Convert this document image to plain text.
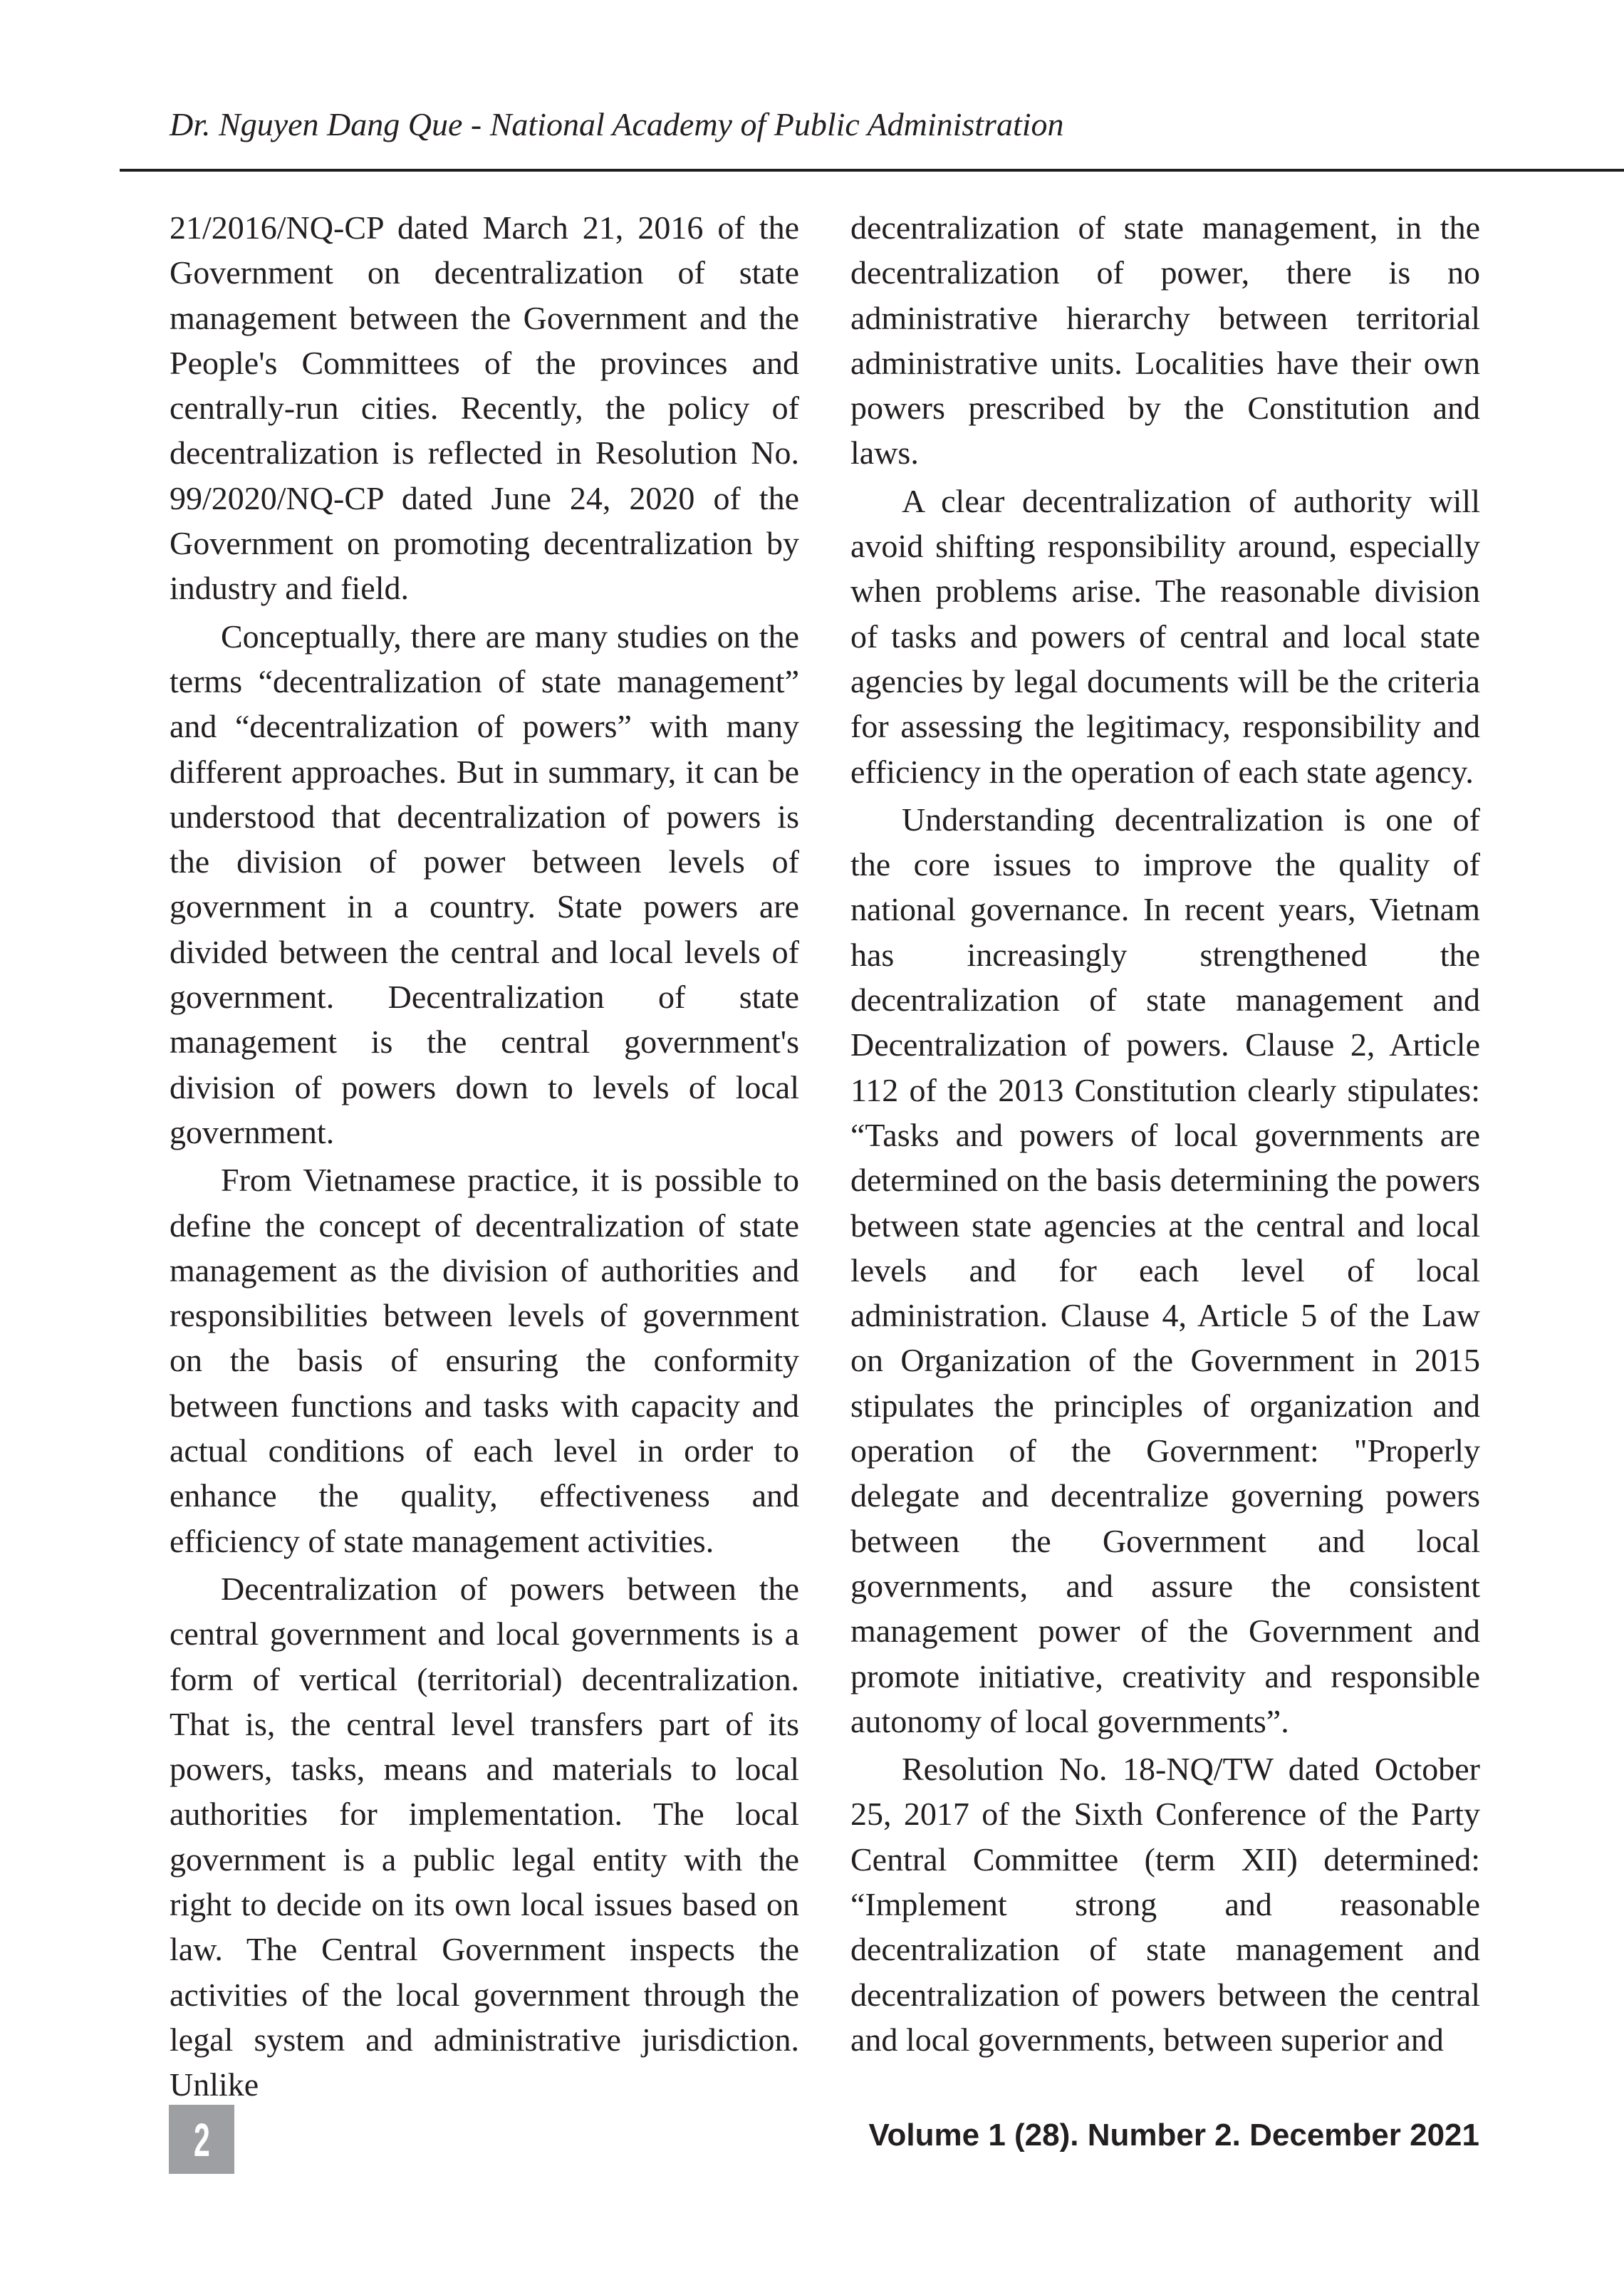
Dr. Nguyen Dang Que - National Academy of Public Administration

21/2016/NQ-CP dated March 21, 2016 of the Government on decentralization of state management between the Government and the People's Committees of the provinces and centrally-run cities. Recently, the policy of decentralization is reflected in Resolution No. 99/2020/NQ-CP dated June 24, 2020 of the Government on promoting decentralization by industry and field.

Conceptually, there are many studies on the terms “decentralization of state management” and “decentralization of powers” with many different approaches. But in summary, it can be understood that decentralization of powers is the division of power between levels of government in a country. State powers are divided between the central and local levels of government. Decentralization of state management is the central government's division of powers down to levels of local government.

From Vietnamese practice, it is possible to define the concept of decentralization of state management as the division of authorities and responsibilities between levels of government on the basis of ensuring the conformity between functions and tasks with capacity and actual conditions of each level in order to enhance the quality, effectiveness and efficiency of state management activities.

Decentralization of powers between the central government and local governments is a form of vertical (territorial) decentralization. That is, the central level transfers part of its powers, tasks, means and materials to local authorities for implementation. The local government is a public legal entity with the right to decide on its own local issues based on law. The Central Government inspects the activities of the local government through the legal system and administrative jurisdiction. Unlike

decentralization of state management, in the decentralization of power, there is no administrative hierarchy between territorial administrative units. Localities have their own powers prescribed by the Constitution and laws.

A clear decentralization of authority will avoid shifting responsibility around, especially when problems arise. The reasonable division of tasks and powers of central and local state agencies by legal documents will be the criteria for assessing the legitimacy, responsibility and efficiency in the operation of each state agency.

Understanding decentralization is one of the core issues to improve the quality of national governance. In recent years, Vietnam has increasingly strengthened the decentralization of state management and Decentralization of powers. Clause 2, Article 112 of the 2013 Constitution clearly stipulates: “Tasks and powers of local governments are determined on the basis determining the powers between state agencies at the central and local levels and for each level of local administration. Clause 4, Article 5 of the Law on Organization of the Government in 2015 stipulates the principles of organization and operation of the Government: "Properly delegate and decentralize governing powers between the Government and local governments, and assure the consistent management power of the Government and promote initiative, creativity and responsible autonomy of local governments”.

Resolution No. 18-NQ/TW dated October 25, 2017 of the Sixth Conference of the Party Central Committee (term XII) determined: “Implement strong and reasonable decentralization of state management and decentralization of powers between the central and local governments, between superior and

2	Volume 1 (28). Number 2. December 2021
